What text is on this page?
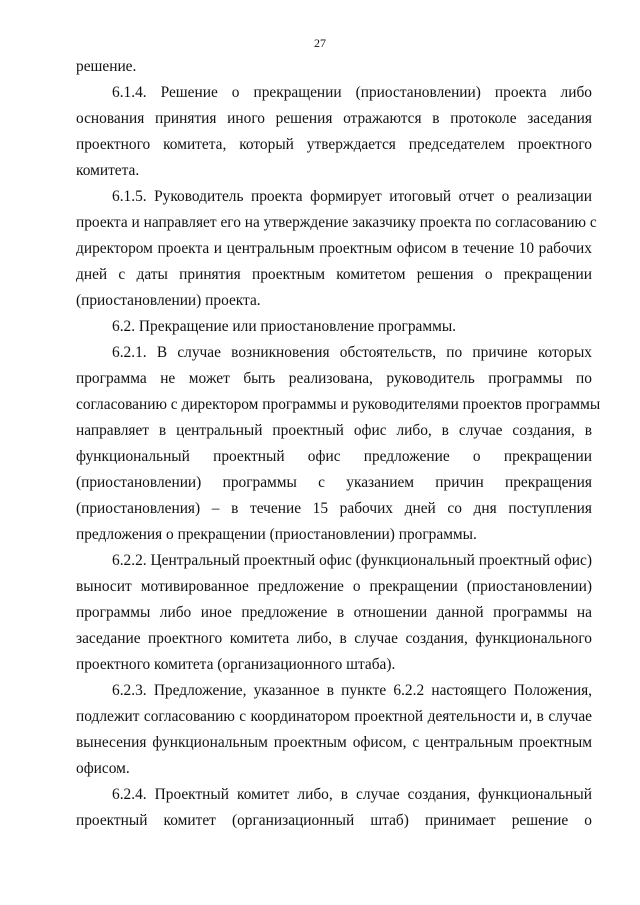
27
решение.
6.1.4. Решение о прекращении (приостановлении) проекта либо
основания принятия иного решения отражаются в протоколе заседания
проектного комитета, который утверждается председателем проектного
комитета.
6.1.5. Руководитель проекта формирует итоговый отчет о реализации
проекта и направляет его на утверждение заказчику проекта по согласованию с
директором проекта и центральным проектным офисом в течение 10 рабочих
дней с даты принятия проектным комитетом решения о прекращении
(приостановлении) проекта.
6.2. Прекращение или приостановление программы.
6.2.1. В случае возникновения обстоятельств, по причине которых
программа не может быть реализована, руководитель программы по
согласованию с директором программы и руководителями проектов программы
направляет в центральный проектный офис либо, в случае создания, в
функциональный проектный офис предложение о прекращении
(приостановлении) программы с указанием причин прекращения
(приостановления) – в течение 15 рабочих дней со дня поступления
предложения о прекращении (приостановлении) программы.
6.2.2. Центральный проектный офис (функциональный проектный офис)
выносит мотивированное предложение о прекращении (приостановлении)
программы либо иное предложение в отношении данной программы на
заседание проектного комитета либо, в случае создания, функционального
проектного комитета (организационного штаба).
6.2.3. Предложение, указанное в пункте 6.2.2 настоящего Положения,
подлежит согласованию с координатором проектной деятельности и, в случае
вынесения функциональным проектным офисом, с центральным проектным
офисом.
6.2.4. Проектный комитет либо, в случае создания, функциональный
проектный комитет (организационный штаб) принимает решение о
